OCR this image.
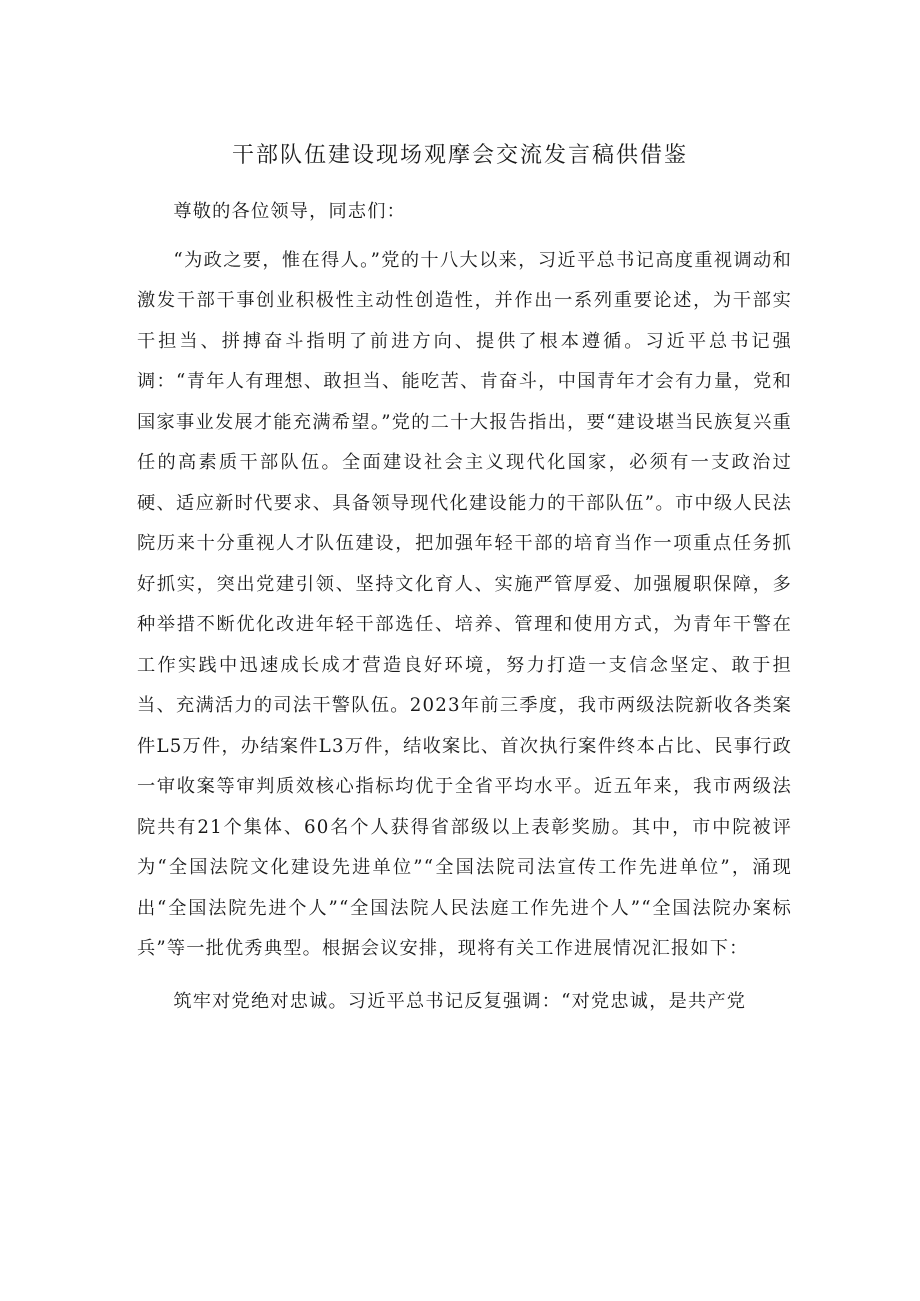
干部队伍建设现场观摩会交流发言稿供借鉴

尊敬的各位领导，同志们：

“为政之要，惟在得人。”党的十八大以来，习近平总书记高度重视调动和激发干部干事创业积极性主动性创造性，并作出一系列重要论述，为干部实干担当、拼搏奋斗指明了前进方向、提供了根本遵循。习近平总书记强调：“青年人有理想、敢担当、能吃苦、肯奋斗，中国青年才会有力量，党和国家事业发展才能充满希望。”党的二十大报告指出，要“建设堪当民族复兴重任的高素质干部队伍。全面建设社会主义现代化国家，必须有一支政治过硬、适应新时代要求、具备领导现代化建设能力的干部队伍”。市中级人民法院历来十分重视人才队伍建设，把加强年轻干部的培育当作一项重点任务抓好抓实，突出党建引领、坚持文化育人、实施严管厚爱、加强履职保障，多种举措不断优化改进年轻干部选任、培养、管理和使用方式，为青年干警在工作实践中迅速成长成才营造良好环境，努力打造一支信念坚定、敢于担当、充满活力的司法干警队伍。2023年前三季度，我市两级法院新收各类案件L5万件，办结案件L3万件，结收案比、首次执行案件终本占比、民事行政一审收案等审判质效核心指标均优于全省平均水平。近五年来，我市两级法院共有21个集体、60名个人获得省部级以上表彰奖励。其中，市中院被评为“全国法院文化建设先进单位”“全国法院司法宣传工作先进单位”，涌现出“全国法院先进个人”“全国法院人民法庭工作先进个人”“全国法院办案标兵”等一批优秀典型。根据会议安排，现将有关工作进展情况汇报如下：

筑牢对党绝对忠诚。习近平总书记反复强调：“对党忠诚，是共产党
